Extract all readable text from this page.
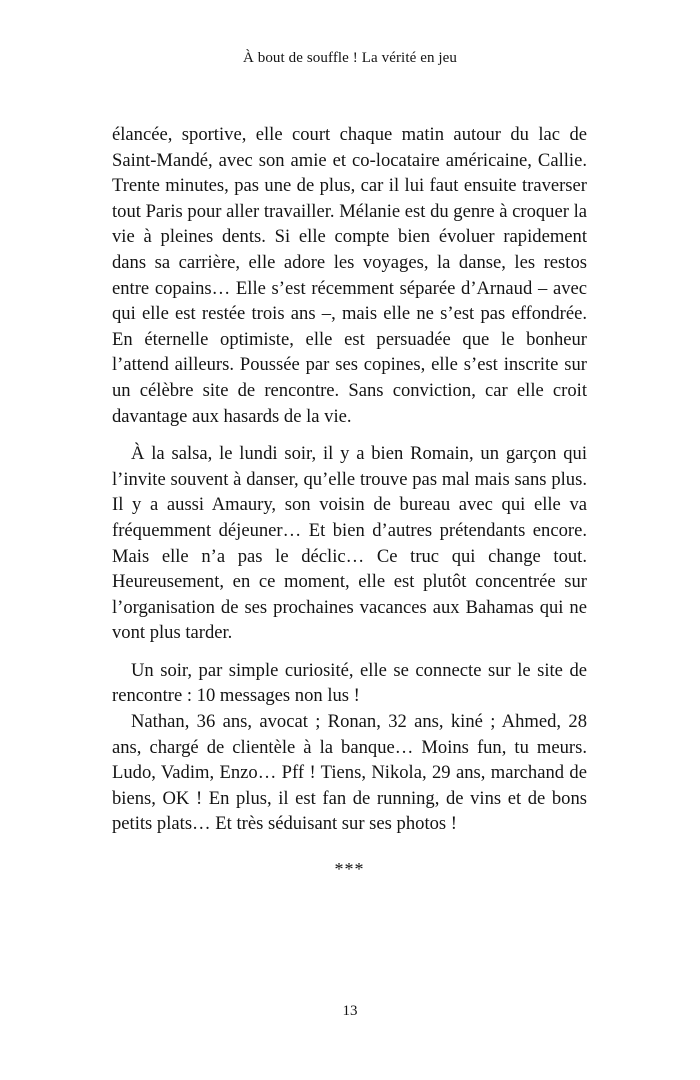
À bout de souffle ! La vérité en jeu

élancée, sportive, elle court chaque matin autour du lac de Saint-Mandé, avec son amie et co-locataire américaine, Callie. Trente minutes, pas une de plus, car il lui faut ensuite traverser tout Paris pour aller travailler. Mélanie est du genre à croquer la vie à pleines dents. Si elle compte bien évoluer rapidement dans sa carrière, elle adore les voyages, la danse, les restos entre copains… Elle s’est récemment séparée d’Arnaud – avec qui elle est restée trois ans –, mais elle ne s’est pas effondrée. En éternelle optimiste, elle est persuadée que le bonheur l’attend ailleurs. Poussée par ses copines, elle s’est inscrite sur un célèbre site de rencontre. Sans conviction, car elle croit davantage aux hasards de la vie.

À la salsa, le lundi soir, il y a bien Romain, un garçon qui l’invite souvent à danser, qu’elle trouve pas mal mais sans plus. Il y a aussi Amaury, son voisin de bureau avec qui elle va fréquemment déjeuner… Et bien d’autres prétendants encore. Mais elle n’a pas le déclic… Ce truc qui change tout. Heureusement, en ce moment, elle est plutôt concentrée sur l’organisation de ses prochaines vacances aux Bahamas qui ne vont plus tarder.

Un soir, par simple curiosité, elle se connecte sur le site de rencontre : 10 messages non lus !

Nathan, 36 ans, avocat ; Ronan, 32 ans, kiné ; Ahmed, 28 ans, chargé de clientèle à la banque… Moins fun, tu meurs. Ludo, Vadim, Enzo… Pff ! Tiens, Nikola, 29 ans, marchand de biens, OK ! En plus, il est fan de running, de vins et de bons petits plats… Et très séduisant sur ses photos !

***
13
